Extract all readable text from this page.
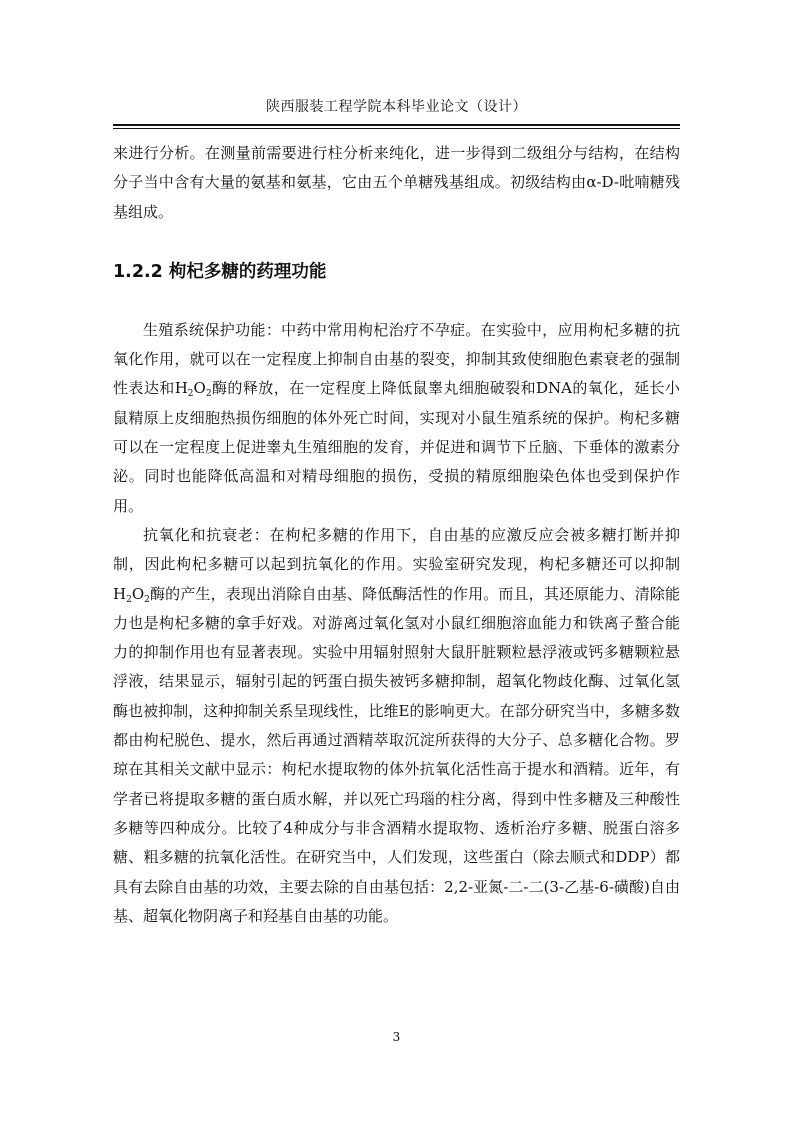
陕西服装工程学院本科毕业论文（设计）

来进行分析。在测量前需要进行柱分析来纯化，进一步得到二级组分与结构，在结构分子当中含有大量的氨基和氨基，它由五个单糖残基组成。初级结构由α-D-吡喃糖残基组成。

1.2.2 枸杞多糖的药理功能

生殖系统保护功能：中药中常用枸杞治疗不孕症。在实验中，应用枸杞多糖的抗氧化作用，就可以在一定程度上抑制自由基的裂变，抑制其致使细胞色素衰老的强制性表达和$H_2O_2$酶的释放，在一定程度上降低鼠睾丸细胞破裂和DNA的氧化，延长小鼠精原上皮细胞热损伤细胞的体外死亡时间，实现对小鼠生殖系统的保护。枸杞多糖可以在一定程度上促进睾丸生殖细胞的发育，并促进和调节下丘脑、下垂体的激素分泌。同时也能降低高温和对精母细胞的损伤，受损的精原细胞染色体也受到保护作用。

抗氧化和抗衰老：在枸杞多糖的作用下，自由基的应激反应会被多糖打断并抑制，因此枸杞多糖可以起到抗氧化的作用。实验室研究发现，枸杞多糖还可以抑制$H_2O_2$酶的产生，表现出消除自由基、降低酶活性的作用。而且，其还原能力、清除能力也是枸杞多糖的拿手好戏。对游离过氧化氢对小鼠红细胞溶血能力和铁离子螯合能力的抑制作用也有显著表现。实验中用辐射照射大鼠肝脏颗粒悬浮液或钙多糖颗粒悬浮液，结果显示，辐射引起的钙蛋白损失被钙多糖抑制，超氧化物歧化酶、过氧化氢酶也被抑制，这种抑制关系呈现线性，比维E的影响更大。在部分研究当中，多糖多数都由枸杞脱色、提水，然后再通过酒精萃取沉淀所获得的大分子、总多糖化合物。罗琼在其相关文献中显示：枸杞水提取物的体外抗氧化活性高于提水和酒精。近年，有学者已将提取多糖的蛋白质水解，并以死亡玛瑙的柱分离，得到中性多糖及三种酸性多糖等四种成分。比较了4种成分与非含酒精水提取物、透析治疗多糖、脱蛋白溶多糖、粗多糖的抗氧化活性。在研究当中，人们发现，这些蛋白（除去顺式和DDP）都具有去除自由基的功效，主要去除的自由基包括：2,2-亚氮-二-二(3-乙基-6-磺酸)自由基、超氧化物阴离子和羟基自由基的功能。

3
